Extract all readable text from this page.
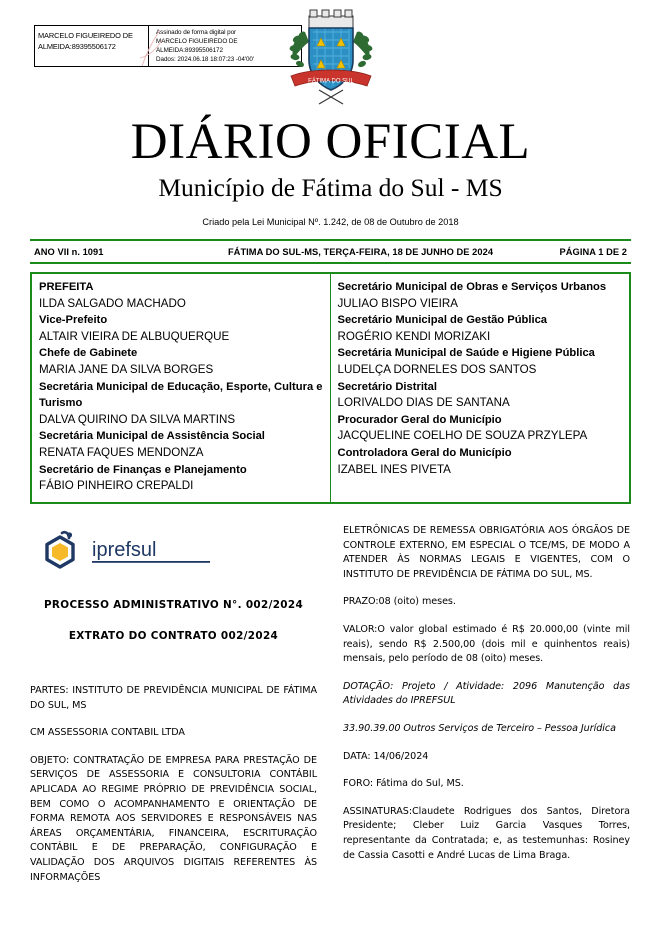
MARCELO FIGUEIREDO DE
ALMEIDA:89395506172
Assinado de forma digital por
MARCELO FIGUEIREDO DE
ALMEIDA:89395506172
Dados: 2024.06.18 18:07:23 -04'00'
FÁTIMA DO SUL
DIÁRIO OFICIAL
Município de Fátima do Sul - MS
Criado pela Lei Municipal Nº. 1.242, de 08 de Outubro de 2018
ANO VII n. 1091	FÁTIMA DO SUL-MS, TERÇA-FEIRA, 18 DE JUNHO DE 2024	PÁGINA 1 DE 2
PREFEITA
ILDA SALGADO MACHADO
Vice-Prefeito
ALTAIR VIEIRA DE ALBUQUERQUE
Chefe de Gabinete
MARIA JANE DA SILVA BORGES
Secretária Municipal de Educação, Esporte, Cultura e Turismo
DALVA QUIRINO DA SILVA MARTINS
Secretária Municipal de Assistência Social
RENATA FAQUES MENDONZA
Secretário de Finanças e Planejamento
FÁBIO PINHEIRO CREPALDI
Secretário Municipal de Obras e Serviços Urbanos
JULIAO BISPO VIEIRA
Secretário Municipal de Gestão Pública
ROGÉRIO KENDI MORIZAKI
Secretária Municipal de Saúde e Higiene Pública
LUDELÇA DORNELES DOS SANTOS
Secretário Distrital
LORIVALDO DIAS DE SANTANA
Procurador Geral do Município
JACQUELINE COELHO DE SOUZA PRZYLEPA
Controladora Geral do Município
IZABEL INES PIVETA
iprefsul
PROCESSO ADMINISTRATIVO N°. 002/2024
EXTRATO DO CONTRATO 002/2024

PARTES: INSTITUTO DE PREVIDÊNCIA MUNICIPAL DE FÁTIMA DO SUL, MS

CM ASSESSORIA CONTABIL LTDA

OBJETO: CONTRATAÇÃO DE EMPRESA PARA PRESTAÇÃO DE SERVIÇOS DE ASSESSORIA E CONSULTORIA CONTÁBIL APLICADA AO REGIME PRÓPRIO DE PREVIDÊNCIA SOCIAL, BEM COMO O ACOMPANHAMENTO E ORIENTAÇÃO DE FORMA REMOTA AOS SERVIDORES E RESPONSÁVEIS NAS ÁREAS ORÇAMENTÁRIA, FINANCEIRA, ESCRITURAÇÃO CONTÁBIL E DE PREPARAÇÃO, CONFIGURAÇÃO E VALIDAÇÃO DOS ARQUIVOS DIGITAIS REFERENTES ÀS INFORMAÇÕES

ELETRÔNICAS DE REMESSA OBRIGATÓRIA AOS ÓRGÃOS DE CONTROLE EXTERNO, EM ESPECIAL O TCE/MS, DE MODO A ATENDER ÀS NORMAS LEGAIS E VIGENTES, COM O INSTITUTO DE PREVIDÊNCIA DE FÁTIMA DO SUL, MS.

PRAZO:08 (oito) meses.

VALOR:O valor global estimado é R$ 20.000,00 (vinte mil reais), sendo R$ 2.500,00 (dois mil e quinhentos reais) mensais, pelo período de 08 (oito) meses.

DOTAÇÃO: Projeto / Atividade: 2096 Manutenção das Atividades do IPREFSUL

33.90.39.00 Outros Serviços de Terceiro – Pessoa Jurídica

DATA: 14/06/2024

FORO: Fátima do Sul, MS.

ASSINATURAS:Claudete Rodrigues dos Santos, Diretora Presidente; Cleber Luiz Garcia Vasques Torres, representante da Contratada; e, as testemunhas: Rosiney de Cassia Casotti e André Lucas de Lima Braga.
